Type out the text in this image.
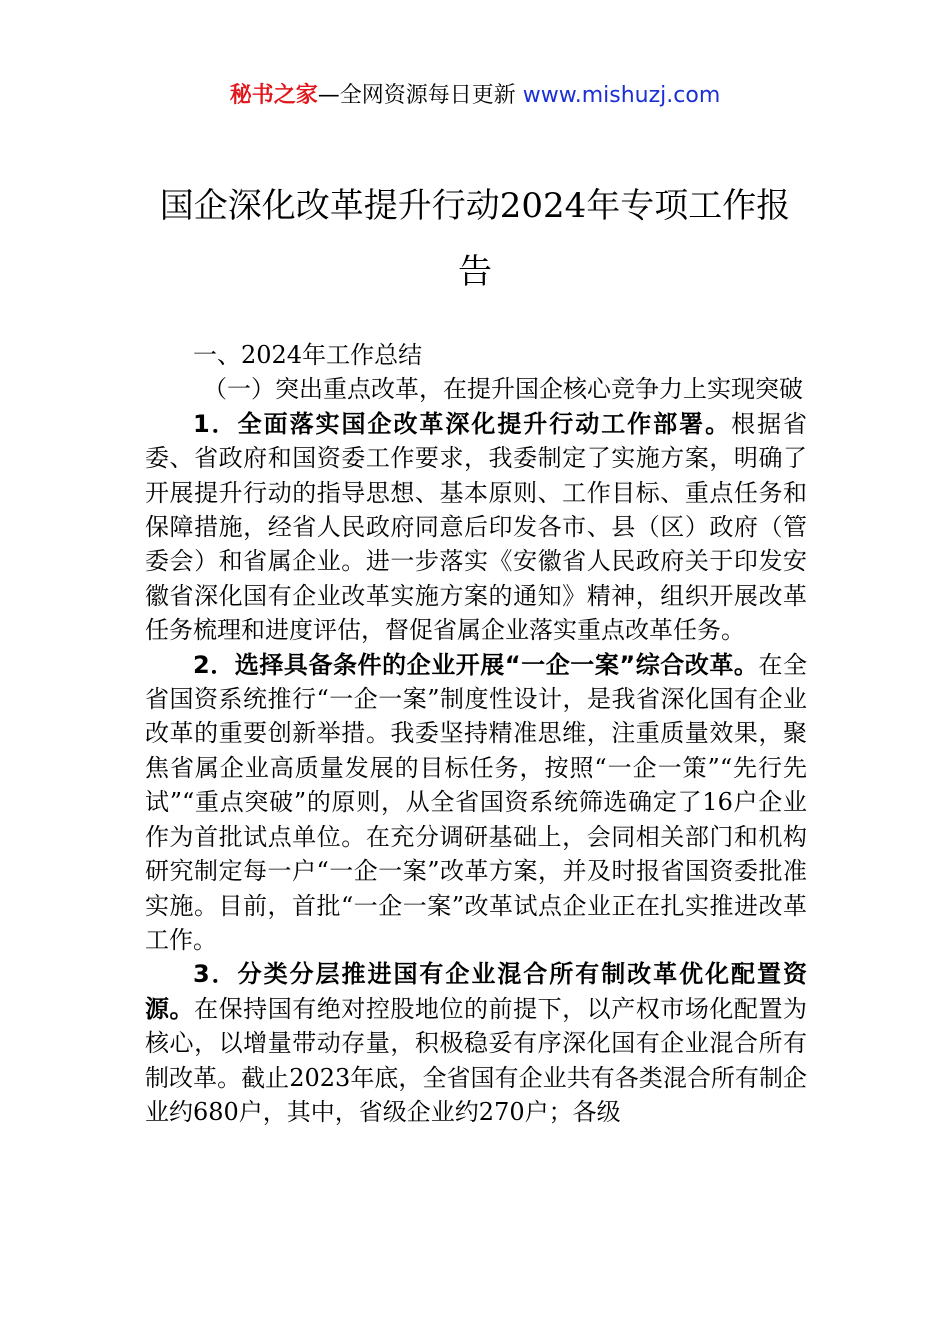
秘书之家—全网资源每日更新 www.mishuzj.com
国企深化改革提升行动2024年专项工作报告

一、2024年工作总结

（一）突出重点改革，在提升国企核心竞争力上实现突破

1．全面落实国企改革深化提升行动工作部署。根据省委、省政府和国资委工作要求，我委制定了实施方案，明确了开展提升行动的指导思想、基本原则、工作目标、重点任务和保障措施，经省人民政府同意后印发各市、县（区）政府（管委会）和省属企业。进一步落实《安徽省人民政府关于印发安徽省深化国有企业改革实施方案的通知》精神，组织开展改革任务梳理和进度评估，督促省属企业落实重点改革任务。

2．选择具备条件的企业开展“一企一案”综合改革。在全省国资系统推行“一企一案”制度性设计，是我省深化国有企业改革的重要创新举措。我委坚持精准思维，注重质量效果，聚焦省属企业高质量发展的目标任务，按照“一企一策”“先行先试”“重点突破”的原则，从全省国资系统筛选确定了16户企业作为首批试点单位。在充分调研基础上，会同相关部门和机构研究制定每一户“一企一案”改革方案，并及时报省国资委批准实施。目前，首批“一企一案”改革试点企业正在扎实推进改革工作。

3．分类分层推进国有企业混合所有制改革优化配置资源。在保持国有绝对控股地位的前提下，以产权市场化配置为核心，以增量带动存量，积极稳妥有序深化国有企业混合所有制改革。截止2023年底，全省国有企业共有各类混合所有制企业约680户，其中，省级企业约270户；各级
